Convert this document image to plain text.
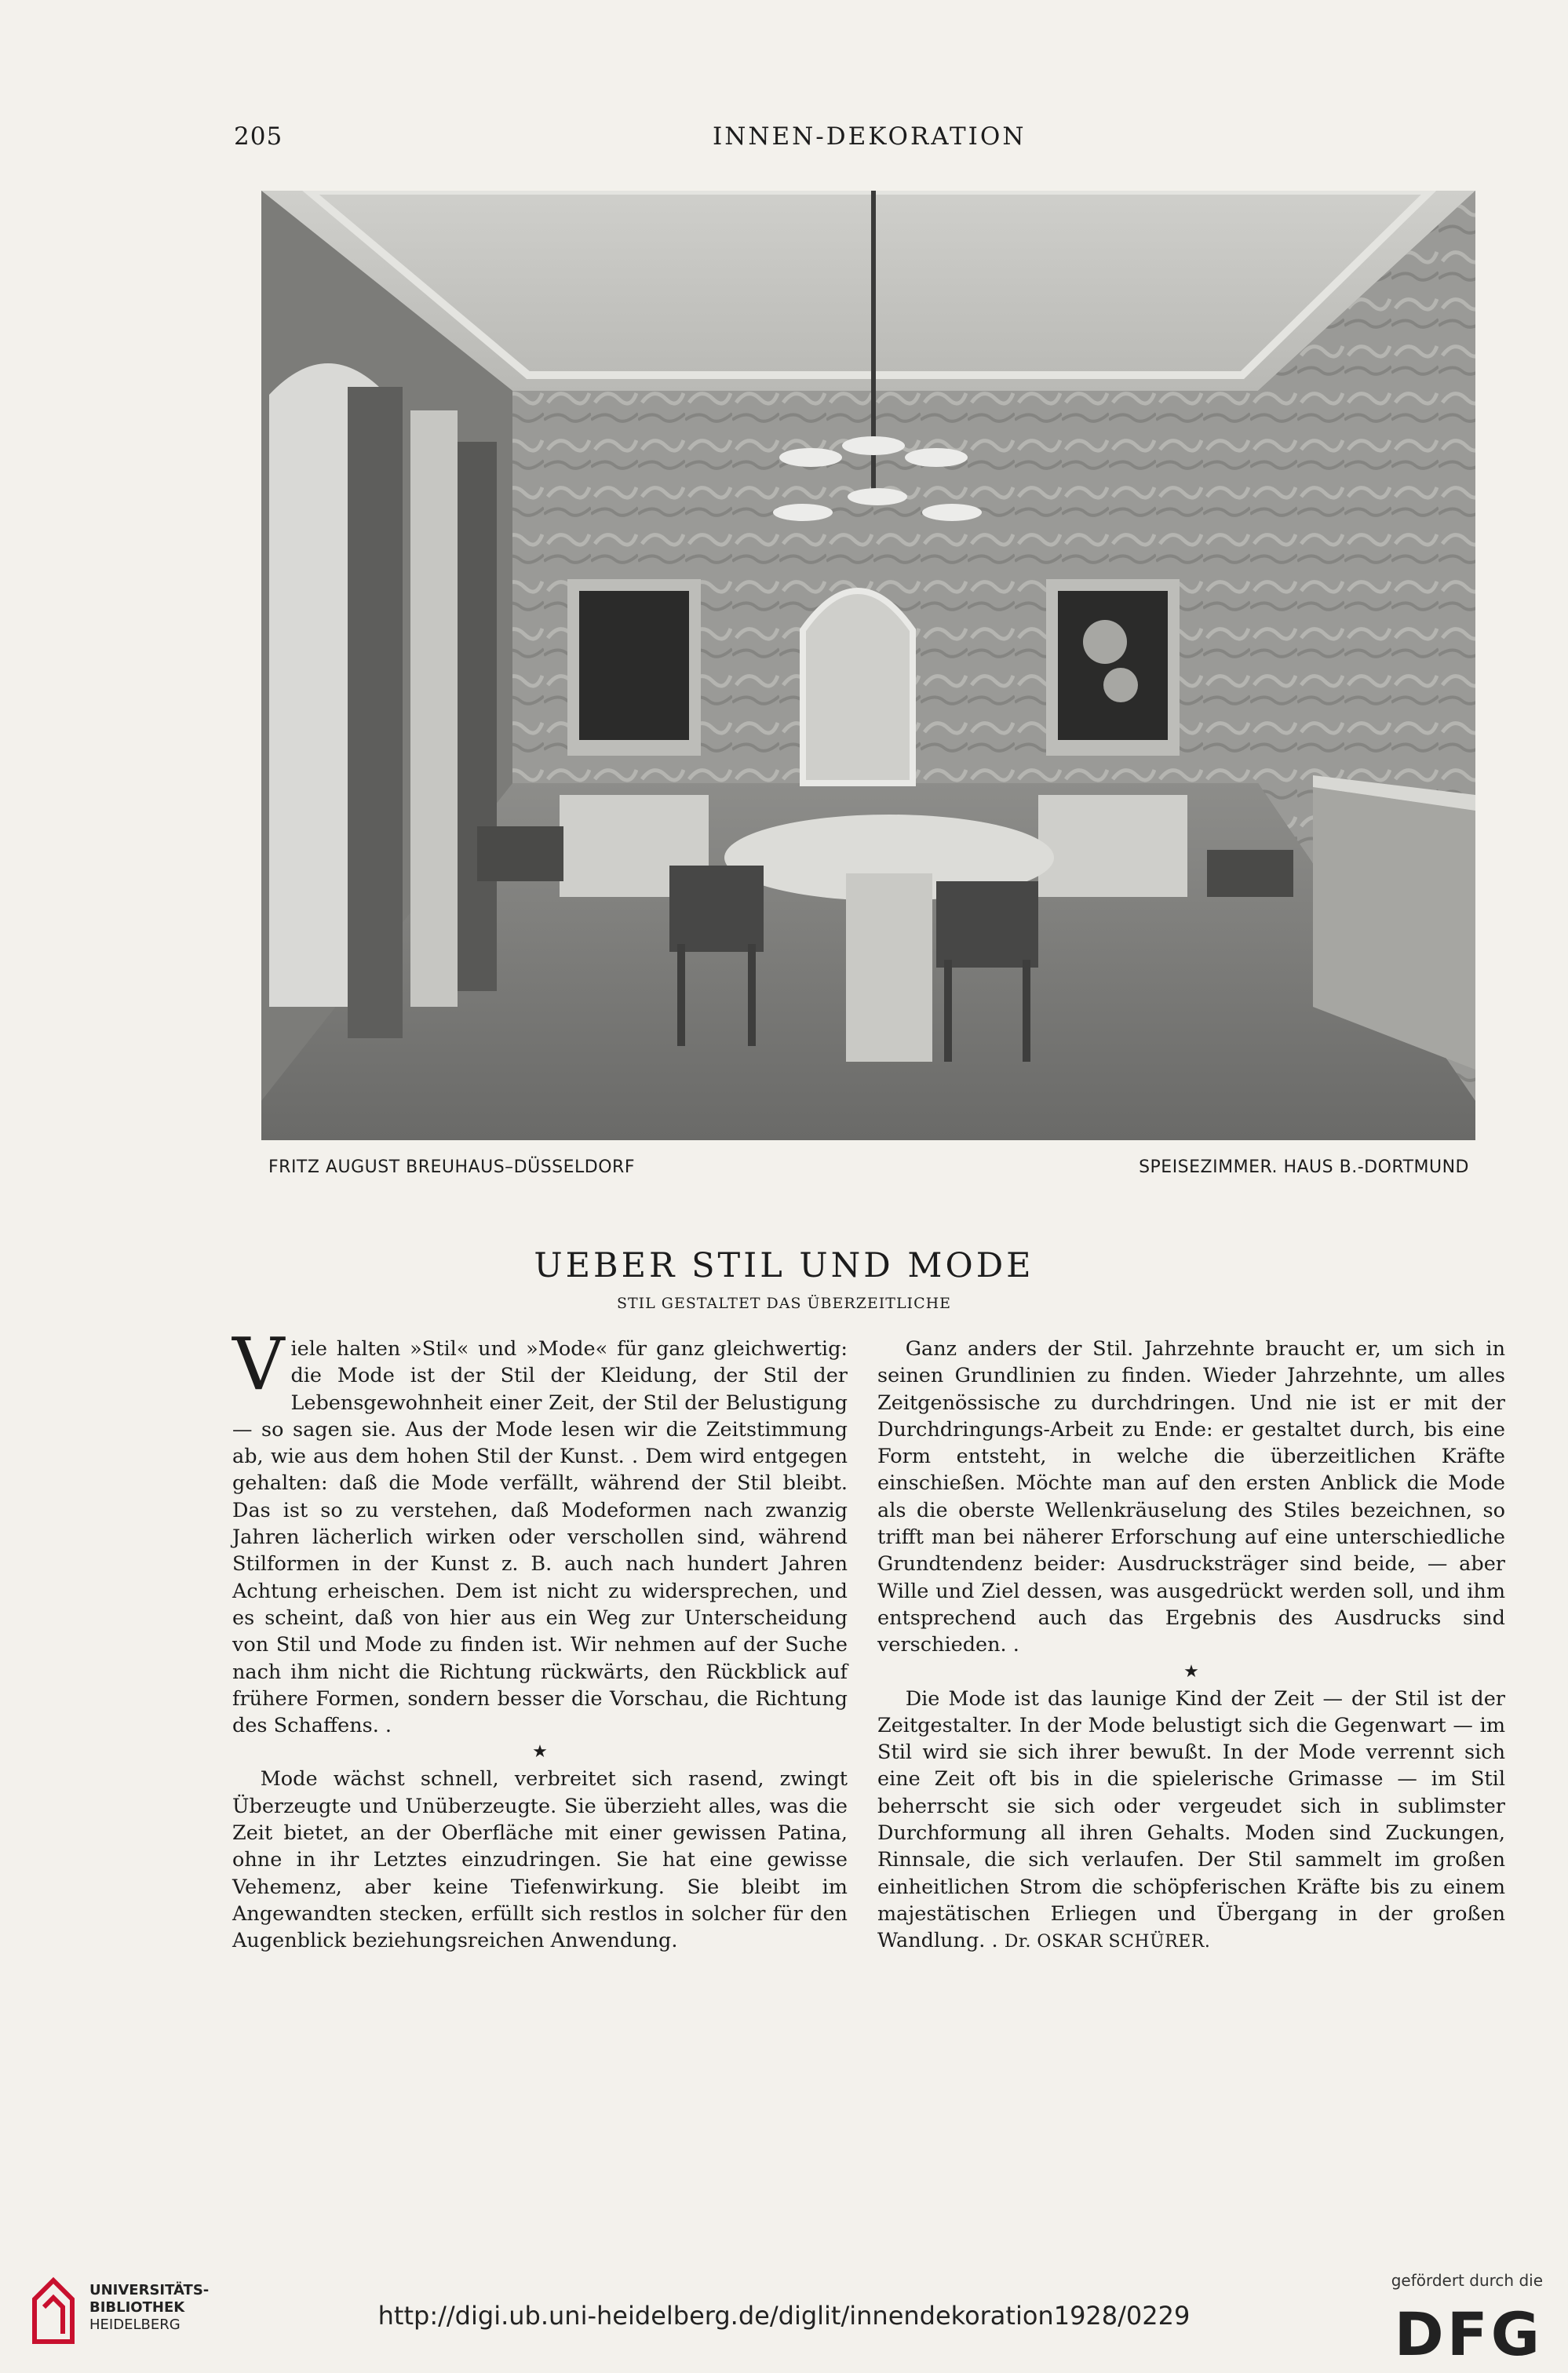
205	INNEN-DEKORATION
FRITZ AUGUST BREUHAUS–DÜSSELDORF	SPEISEZIMMER. HAUS B.-DORTMUND
UEBER STIL UND MODE
STIL GESTALTET DAS ÜBERZEITLICHE

Viele halten »Stil« und »Mode« für ganz gleichwertig: die Mode ist der Stil der Kleidung, der Stil der Lebensgewohnheit einer Zeit, der Stil der Belustigung — so sagen sie. Aus der Mode lesen wir die Zeitstimmung ab, wie aus dem hohen Stil der Kunst. . Dem wird entgegen gehalten: daß die Mode verfällt, während der Stil bleibt. Das ist so zu verstehen, daß Modeformen nach zwanzig Jahren lächerlich wirken oder verschollen sind, während Stilformen in der Kunst z. B. auch nach hundert Jahren Achtung erheischen. Dem ist nicht zu widersprechen, und es scheint, daß von hier aus ein Weg zur Unterscheidung von Stil und Mode zu finden ist. Wir nehmen auf der Suche nach ihm nicht die Richtung rückwärts, den Rückblick auf frühere Formen, sondern besser die Vorschau, die Richtung des Schaffens. .

★

Mode wächst schnell, verbreitet sich rasend, zwingt Überzeugte und Unüberzeugte. Sie überzieht alles, was die Zeit bietet, an der Oberfläche mit einer gewissen Patina, ohne in ihr Letztes einzudringen. Sie hat eine gewisse Vehemenz, aber keine Tiefenwirkung. Sie bleibt im Angewandten stecken, erfüllt sich restlos in solcher für den Augenblick beziehungsreichen Anwendung.

Ganz anders der Stil. Jahrzehnte braucht er, um sich in seinen Grundlinien zu finden. Wieder Jahrzehnte, um alles Zeitgenössische zu durchdringen. Und nie ist er mit der Durchdringungs-Arbeit zu Ende: er gestaltet durch, bis eine Form entsteht, in welche die überzeitlichen Kräfte einschießen. Möchte man auf den ersten Anblick die Mode als die oberste Wellenkräuselung des Stiles bezeichnen, so trifft man bei näherer Erforschung auf eine unterschiedliche Grundtendenz beider: Ausdrucksträger sind beide, — aber Wille und Ziel dessen, was ausgedrückt werden soll, und ihm entsprechend auch das Ergebnis des Ausdrucks sind verschieden. .

★

Die Mode ist das launige Kind der Zeit — der Stil ist der Zeitgestalter. In der Mode belustigt sich die Gegenwart — im Stil wird sie sich ihrer bewußt. In der Mode verrennt sich eine Zeit oft bis in die spielerische Grimasse — im Stil beherrscht sie sich oder vergeudet sich in sublimster Durchformung all ihren Gehalts. Moden sind Zuckungen, Rinnsale, die sich verlaufen. Der Stil sammelt im großen einheitlichen Strom die schöpferischen Kräfte bis zu einem majestätischen Erliegen und Übergang in der großen Wandlung. . Dr. OSKAR SCHÜRER.

UNIVERSITÄTS-
BIBLIOTHEK
HEIDELBERG	http://digi.ub.uni-heidelberg.de/diglit/innendekoration1928/0229
gefördert durch die
DFG
